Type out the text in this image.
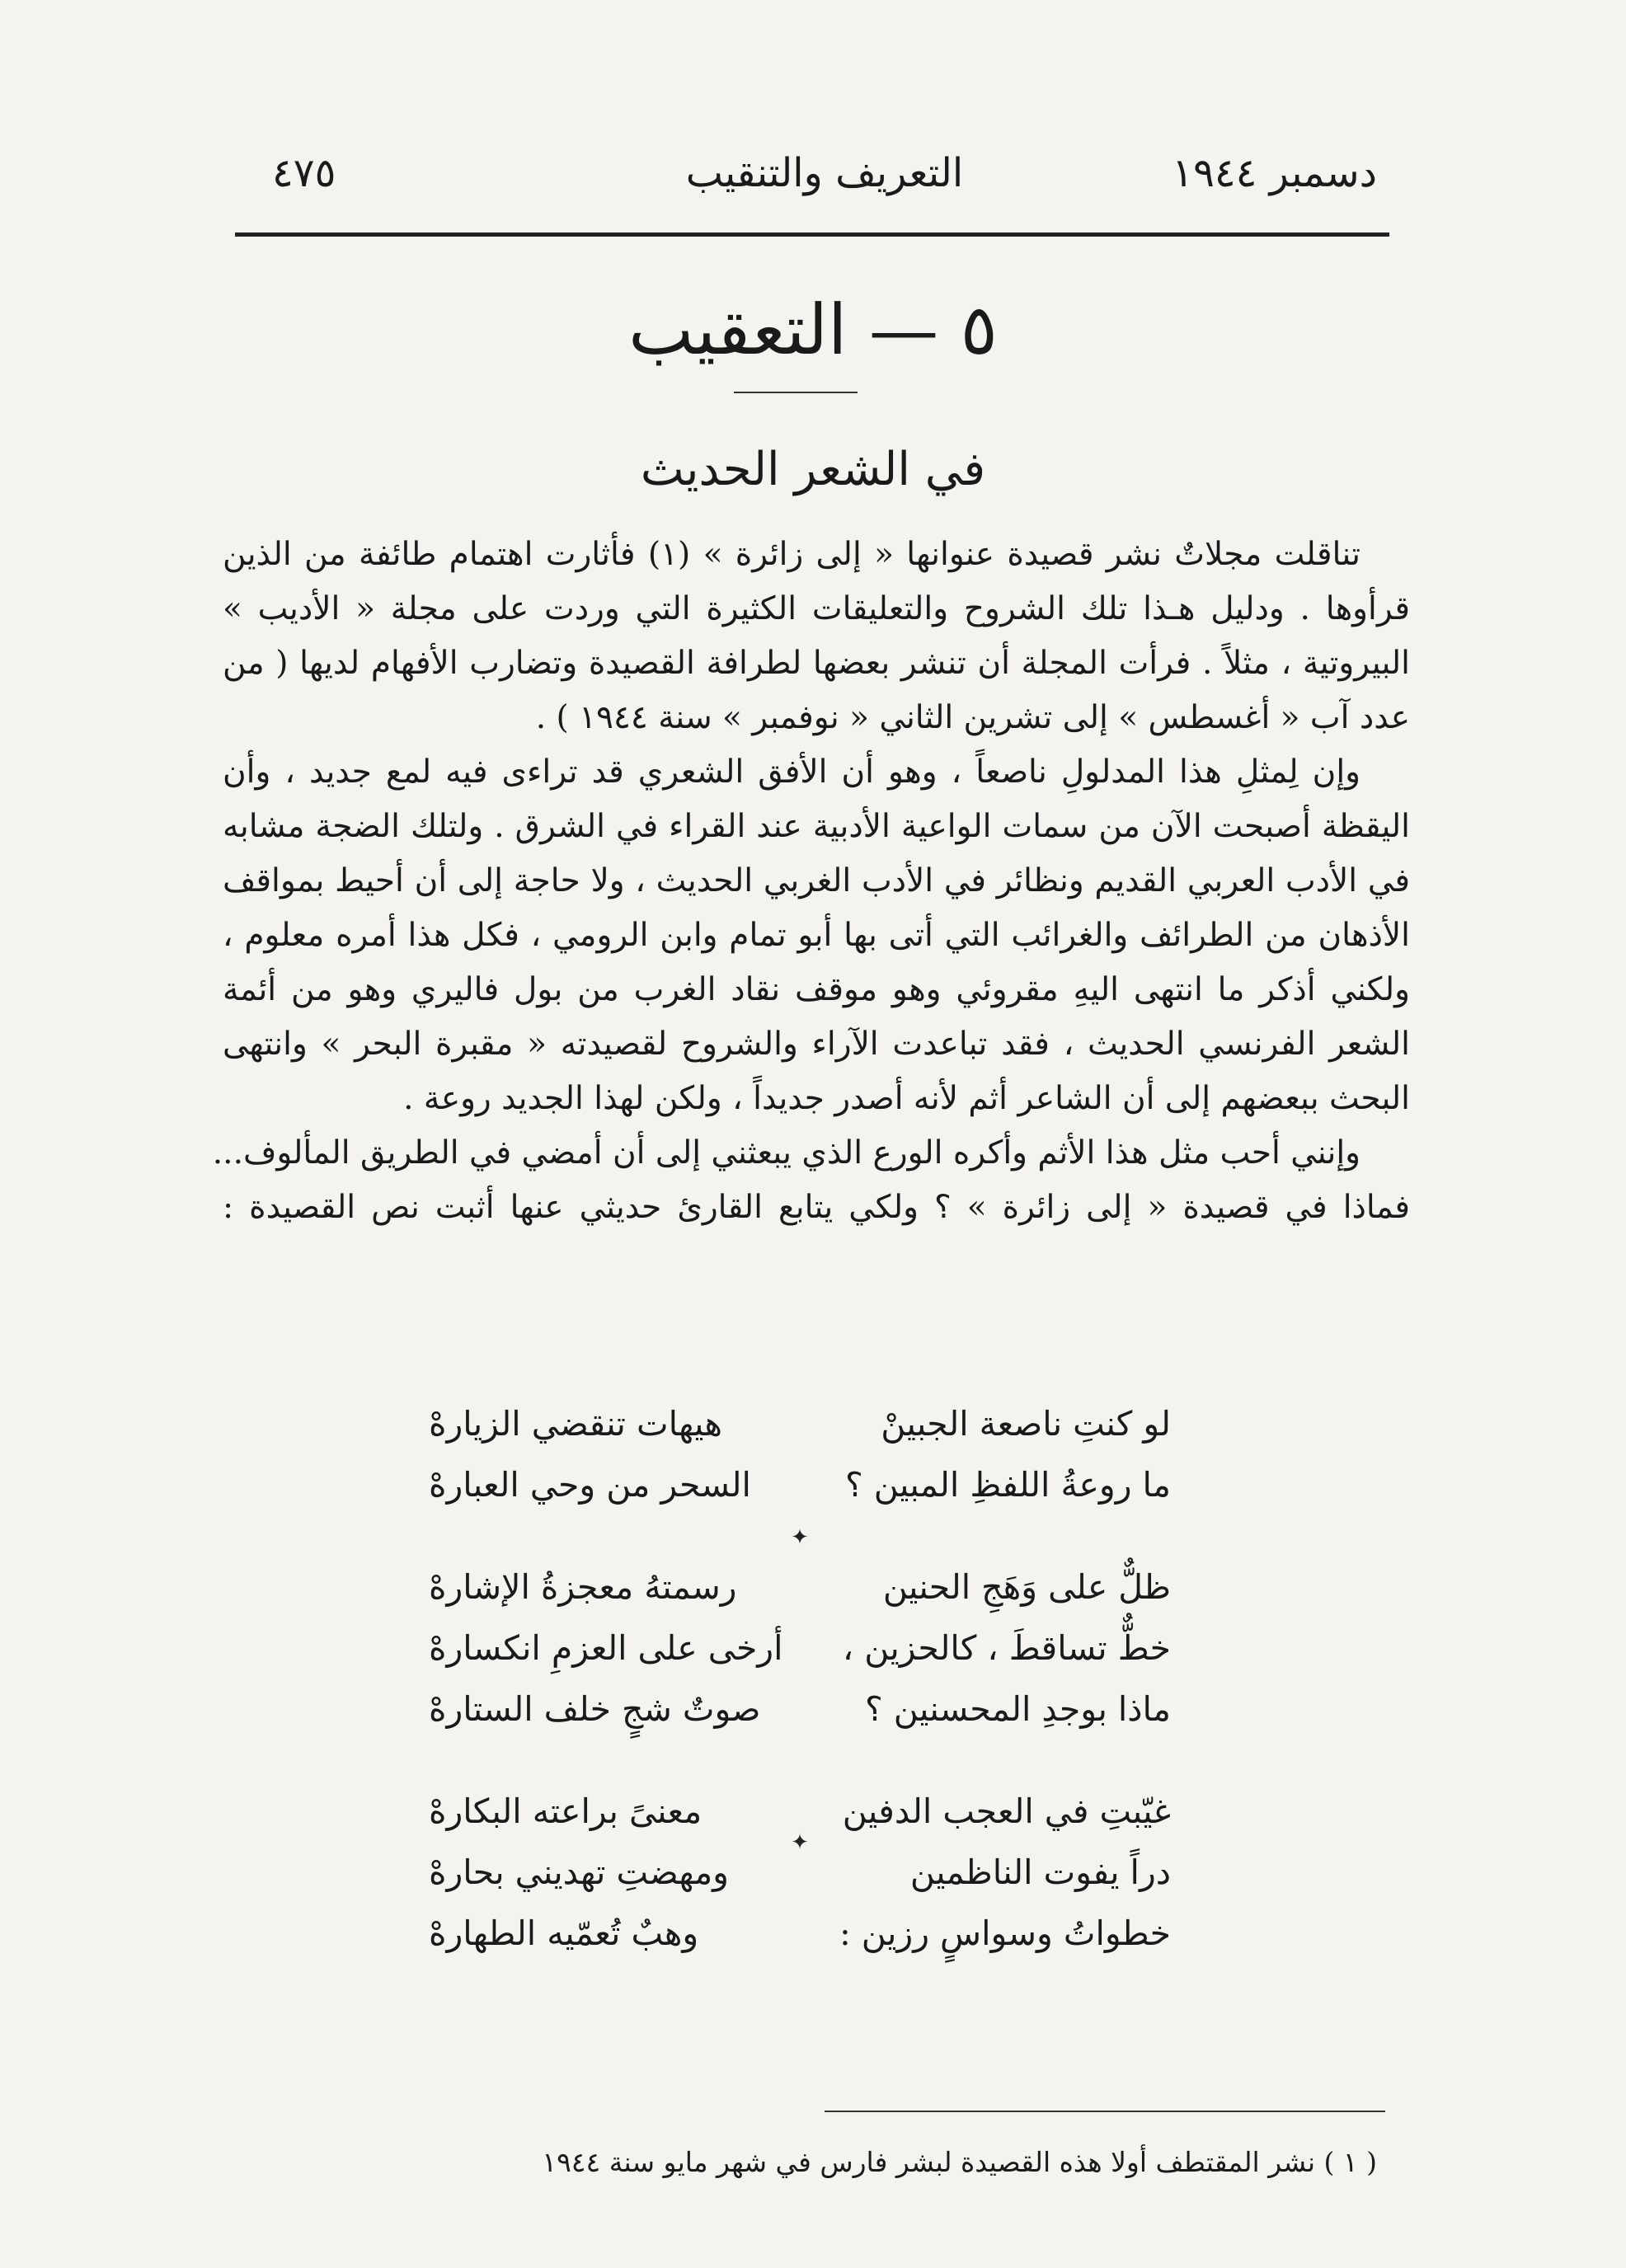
دسمبر ١٩٤٤
التعريف والتنقيب
٤٧٥
٥ — التعقيب
في الشعر الحديث
تناقلت مجلاتٌ نشر قصيدة عنوانها « إلى زائرة » (١) فأثارت اهتمام طائفة من الذين
قرأوها . ودليل هـذا تلك الشروح والتعليقات الكثيرة التي وردت على مجلة « الأديب »
البيروتية ، مثلاً . فرأت المجلة أن تنشر بعضها لطرافة القصيدة وتضارب الأفهام لديها ( من
عدد آب « أغسطس » إلى تشرين الثاني « نوفمبر » سنة ١٩٤٤ ) .
وإن لِمثلِ هذا المدلولِ ناصعاً ، وهو أن الأفق الشعري قد تراءى فيه لمع جديد ، وأن
اليقظة أصبحت الآن من سمات الواعية الأدبية عند القراء في الشرق . ولتلك الضجة مشابه
في الأدب العربي القديم ونظائر في الأدب الغربي الحديث ، ولا حاجة إلى أن أحيط بمواقف
الأذهان من الطرائف والغرائب التي أتى بها أبو تمام وابن الرومي ، فكل هذا أمره معلوم ،
ولكني أذكر ما انتهى اليهِ مقروئي وهو موقف نقاد الغرب من بول فاليري وهو من أئمة
الشعر الفرنسي الحديث ، فقد تباعدت الآراء والشروح لقصيدته « مقبرة البحر » وانتهى
البحث ببعضهم إلى أن الشاعر أثم لأنه أصدر جديداً ، ولكن لهذا الجديد روعة .
وإنني أحب مثل هذا الأثم وأكره الورع الذي يبعثني إلى أن أمضي في الطريق المألوف...
فماذا في قصيدة « إلى زائرة » ؟ ولكي يتابع القارئ حديثي عنها أثبت نص القصيدة :
لو كنتِ ناصعة الجبينْ
هيهات تنقضي الزيارهْ
ما روعةُ اللفظِ المبين ؟
السحر من وحي العبارهْ
ظلٌّ على وَهَجِ الحنين
رسمتهُ معجزةُ الإشارهْ
خطٌّ تساقطَ ، كالحزين ،
أرخى على العزمِ انكسارهْ
ماذا بوجدِ المحسنين ؟
صوتٌ شجٍ خلف الستارهْ
غيّبتِ في العجب الدفين
معنىً براعته البكارهْ
دراً يفوت الناظمين
ومهضتِ تهديني بحارهْ
خطواتُ وسواسٍ رزين :
وهبٌ تُعمّيه الطهارهْ
✦
✦
( ١ ) نشر المقتطف أولا هذه القصيدة لبشر فارس في شهر مايو سنة ١٩٤٤
